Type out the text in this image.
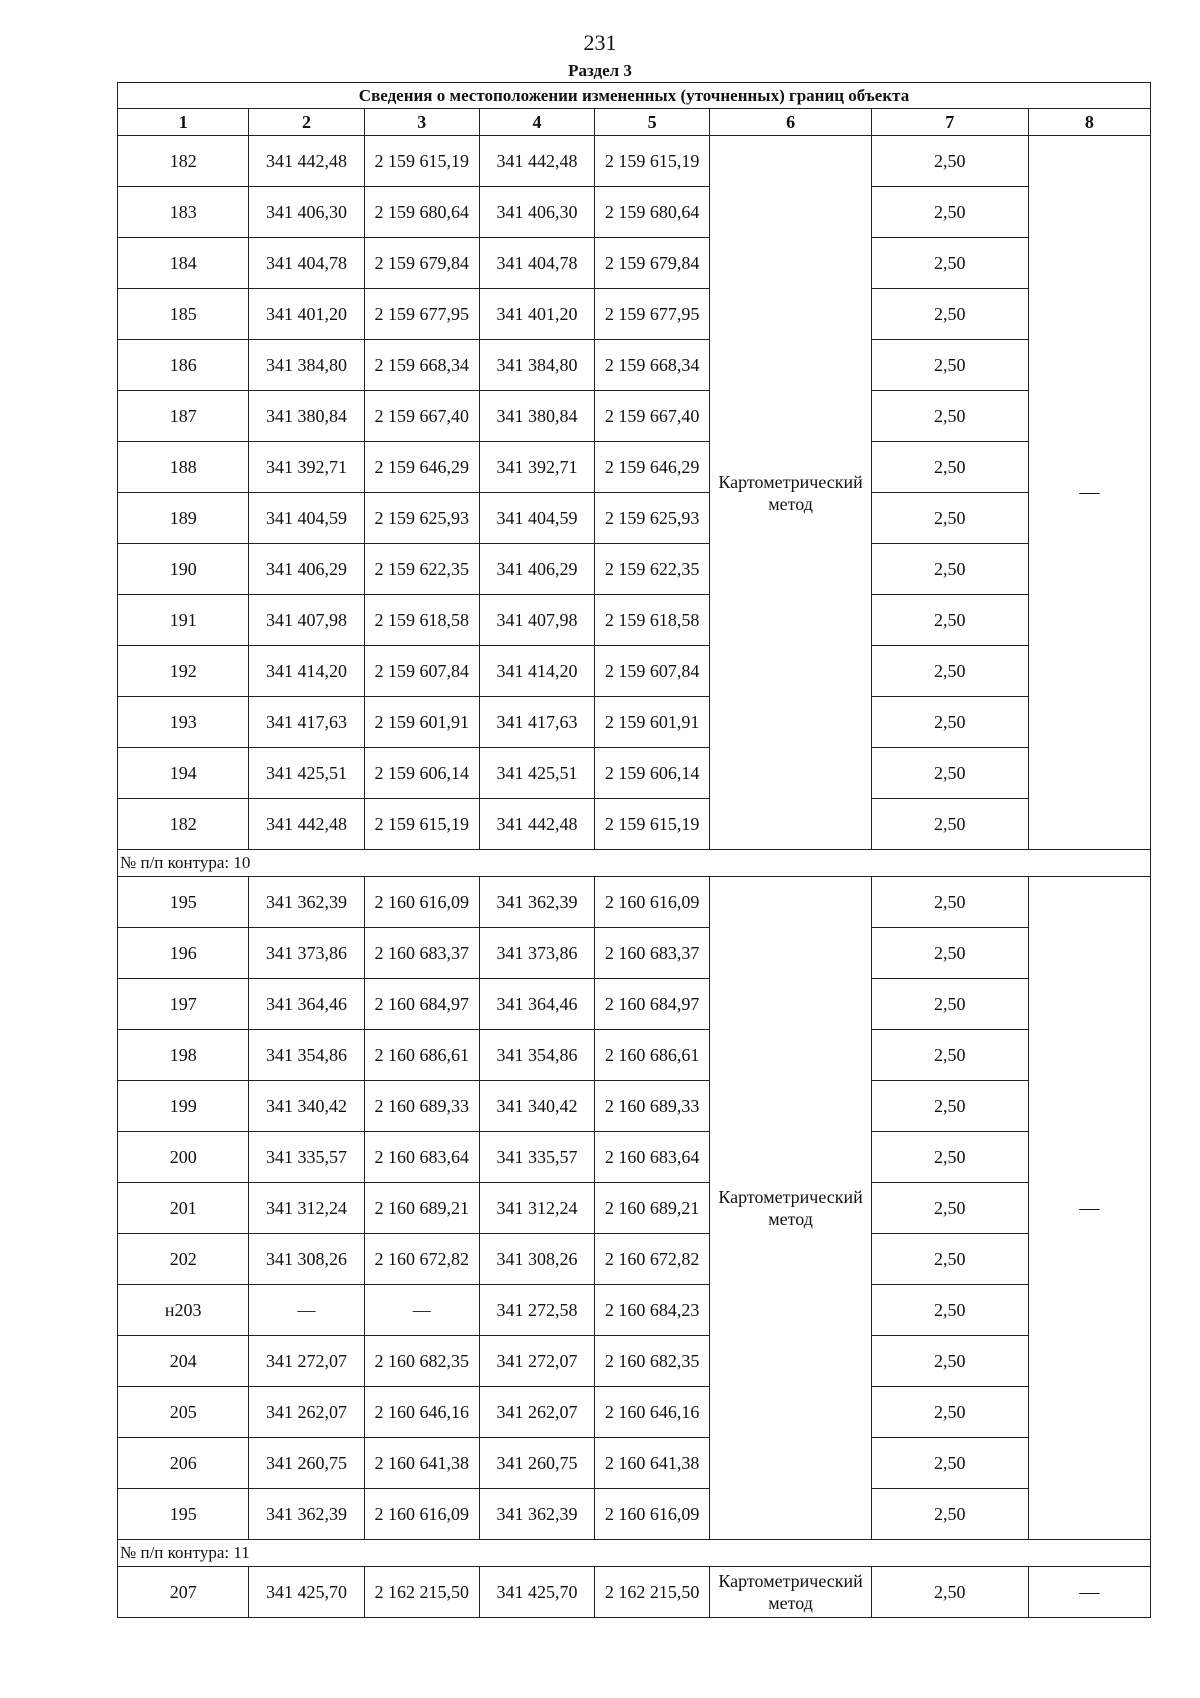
231
Раздел 3
Сведения о местоположении измененных (уточненных) границ объекта							
1	2	3	4	5	6	7	8
182	341 442,48	2 159 615,19	341 442,48	2 159 615,19	Картометрический метод	2,50	—
183	341 406,30	2 159 680,64	341 406,30	2 159 680,64		2,50	
184	341 404,78	2 159 679,84	341 404,78	2 159 679,84		2,50	
185	341 401,20	2 159 677,95	341 401,20	2 159 677,95		2,50	
186	341 384,80	2 159 668,34	341 384,80	2 159 668,34		2,50	
187	341 380,84	2 159 667,40	341 380,84	2 159 667,40		2,50	
188	341 392,71	2 159 646,29	341 392,71	2 159 646,29		2,50	
189	341 404,59	2 159 625,93	341 404,59	2 159 625,93		2,50	
190	341 406,29	2 159 622,35	341 406,29	2 159 622,35		2,50	
191	341 407,98	2 159 618,58	341 407,98	2 159 618,58		2,50	
192	341 414,20	2 159 607,84	341 414,20	2 159 607,84		2,50	
193	341 417,63	2 159 601,91	341 417,63	2 159 601,91		2,50	
194	341 425,51	2 159 606,14	341 425,51	2 159 606,14		2,50	
182	341 442,48	2 159 615,19	341 442,48	2 159 615,19		2,50	
№ п/п контура: 10							
195	341 362,39	2 160 616,09	341 362,39	2 160 616,09	Картометрический метод	2,50	—
196	341 373,86	2 160 683,37	341 373,86	2 160 683,37		2,50	
197	341 364,46	2 160 684,97	341 364,46	2 160 684,97		2,50	
198	341 354,86	2 160 686,61	341 354,86	2 160 686,61		2,50	
199	341 340,42	2 160 689,33	341 340,42	2 160 689,33		2,50	
200	341 335,57	2 160 683,64	341 335,57	2 160 683,64		2,50	
201	341 312,24	2 160 689,21	341 312,24	2 160 689,21		2,50	
202	341 308,26	2 160 672,82	341 308,26	2 160 672,82		2,50	
н203	—	—	341 272,58	2 160 684,23		2,50	
204	341 272,07	2 160 682,35	341 272,07	2 160 682,35		2,50	
205	341 262,07	2 160 646,16	341 262,07	2 160 646,16		2,50	
206	341 260,75	2 160 641,38	341 260,75	2 160 641,38		2,50	
195	341 362,39	2 160 616,09	341 362,39	2 160 616,09		2,50	
№ п/п контура: 11							
207	341 425,70	2 162 215,50	341 425,70	2 162 215,50	Картометрический метод	2,50	—
